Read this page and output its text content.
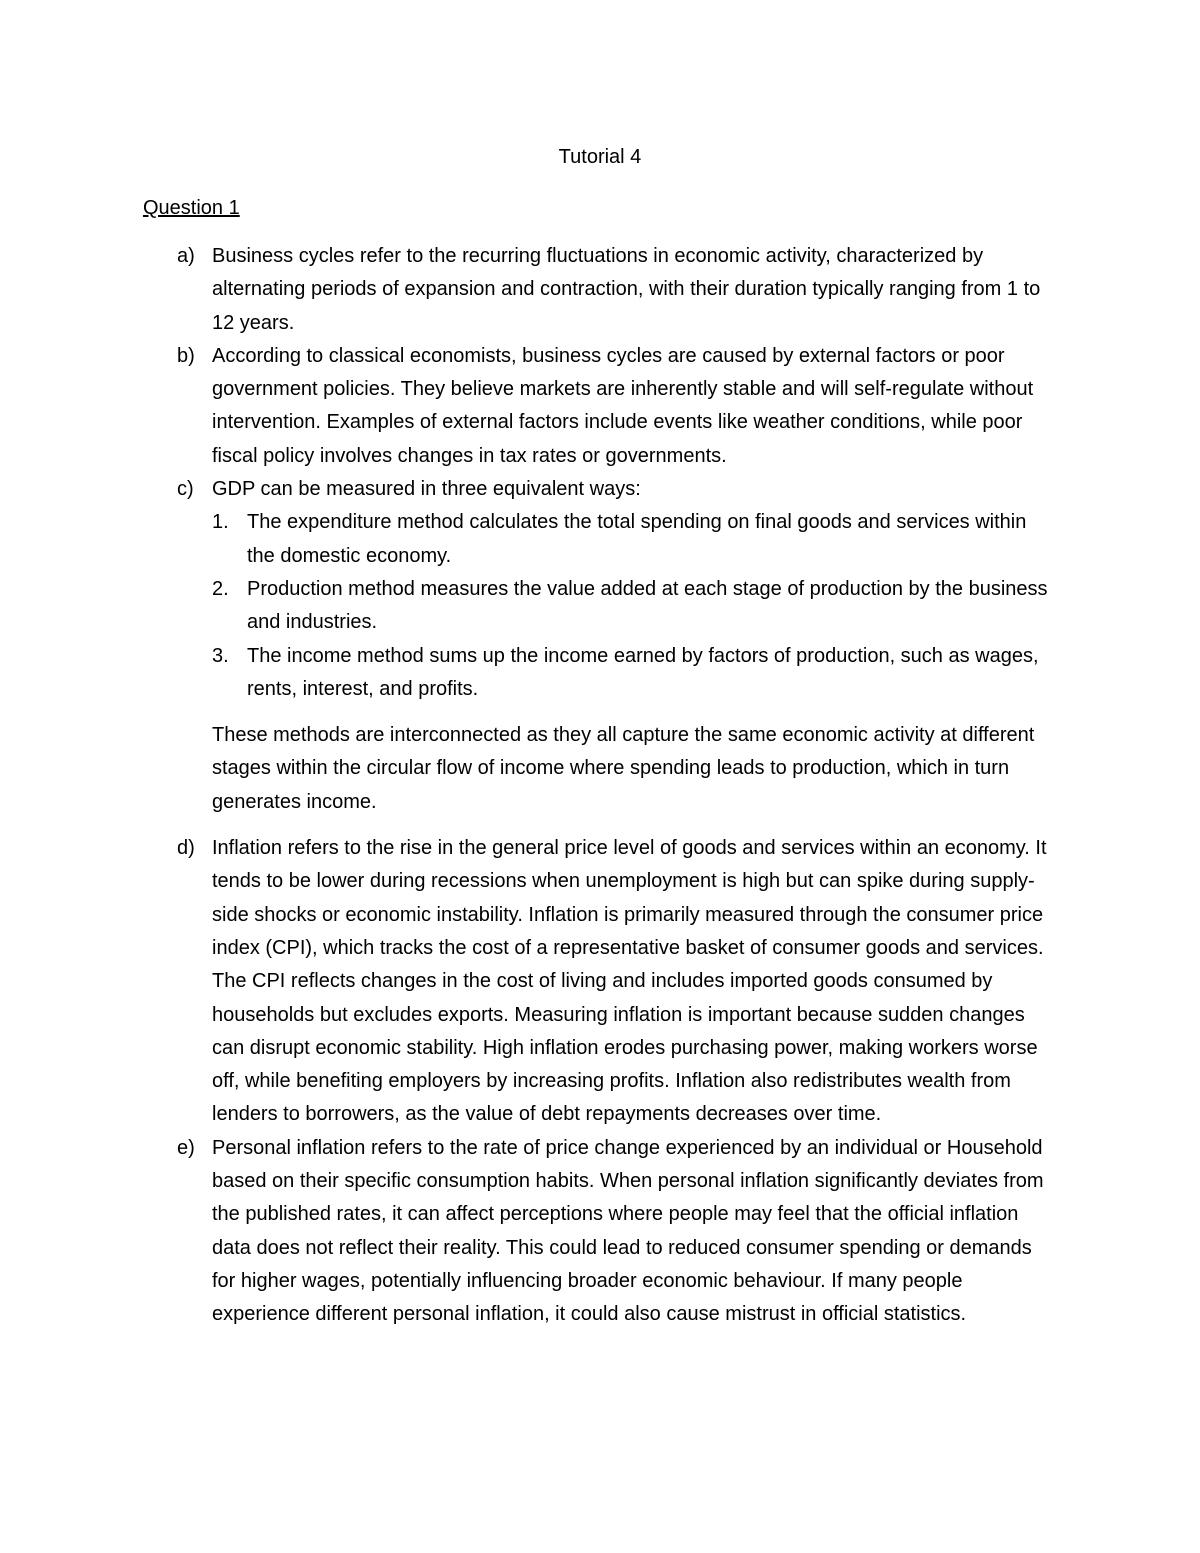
Tutorial 4
Question 1
a) Business cycles refer to the recurring fluctuations in economic activity, characterized by alternating periods of expansion and contraction, with their duration typically ranging from 1 to 12 years.
b) According to classical economists, business cycles are caused by external factors or poor government policies. They believe markets are inherently stable and will self-regulate without intervention. Examples of external factors include events like weather conditions, while poor fiscal policy involves changes in tax rates or governments.
c) GDP can be measured in three equivalent ways:
1. The expenditure method calculates the total spending on final goods and services within the domestic economy.
2. Production method measures the value added at each stage of production by the business and industries.
3. The income method sums up the income earned by factors of production, such as wages, rents, interest, and profits.
These methods are interconnected as they all capture the same economic activity at different stages within the circular flow of income where spending leads to production, which in turn generates income.
d) Inflation refers to the rise in the general price level of goods and services within an economy. It tends to be lower during recessions when unemployment is high but can spike during supply-side shocks or economic instability. Inflation is primarily measured through the consumer price index (CPI), which tracks the cost of a representative basket of consumer goods and services. The CPI reflects changes in the cost of living and includes imported goods consumed by households but excludes exports. Measuring inflation is important because sudden changes can disrupt economic stability. High inflation erodes purchasing power, making workers worse off, while benefiting employers by increasing profits. Inflation also redistributes wealth from lenders to borrowers, as the value of debt repayments decreases over time.
e) Personal inflation refers to the rate of price change experienced by an individual or Household based on their specific consumption habits. When personal inflation significantly deviates from the published rates, it can affect perceptions where people may feel that the official inflation data does not reflect their reality. This could lead to reduced consumer spending or demands for higher wages, potentially influencing broader economic behaviour. If many people experience different personal inflation, it could also cause mistrust in official statistics.
